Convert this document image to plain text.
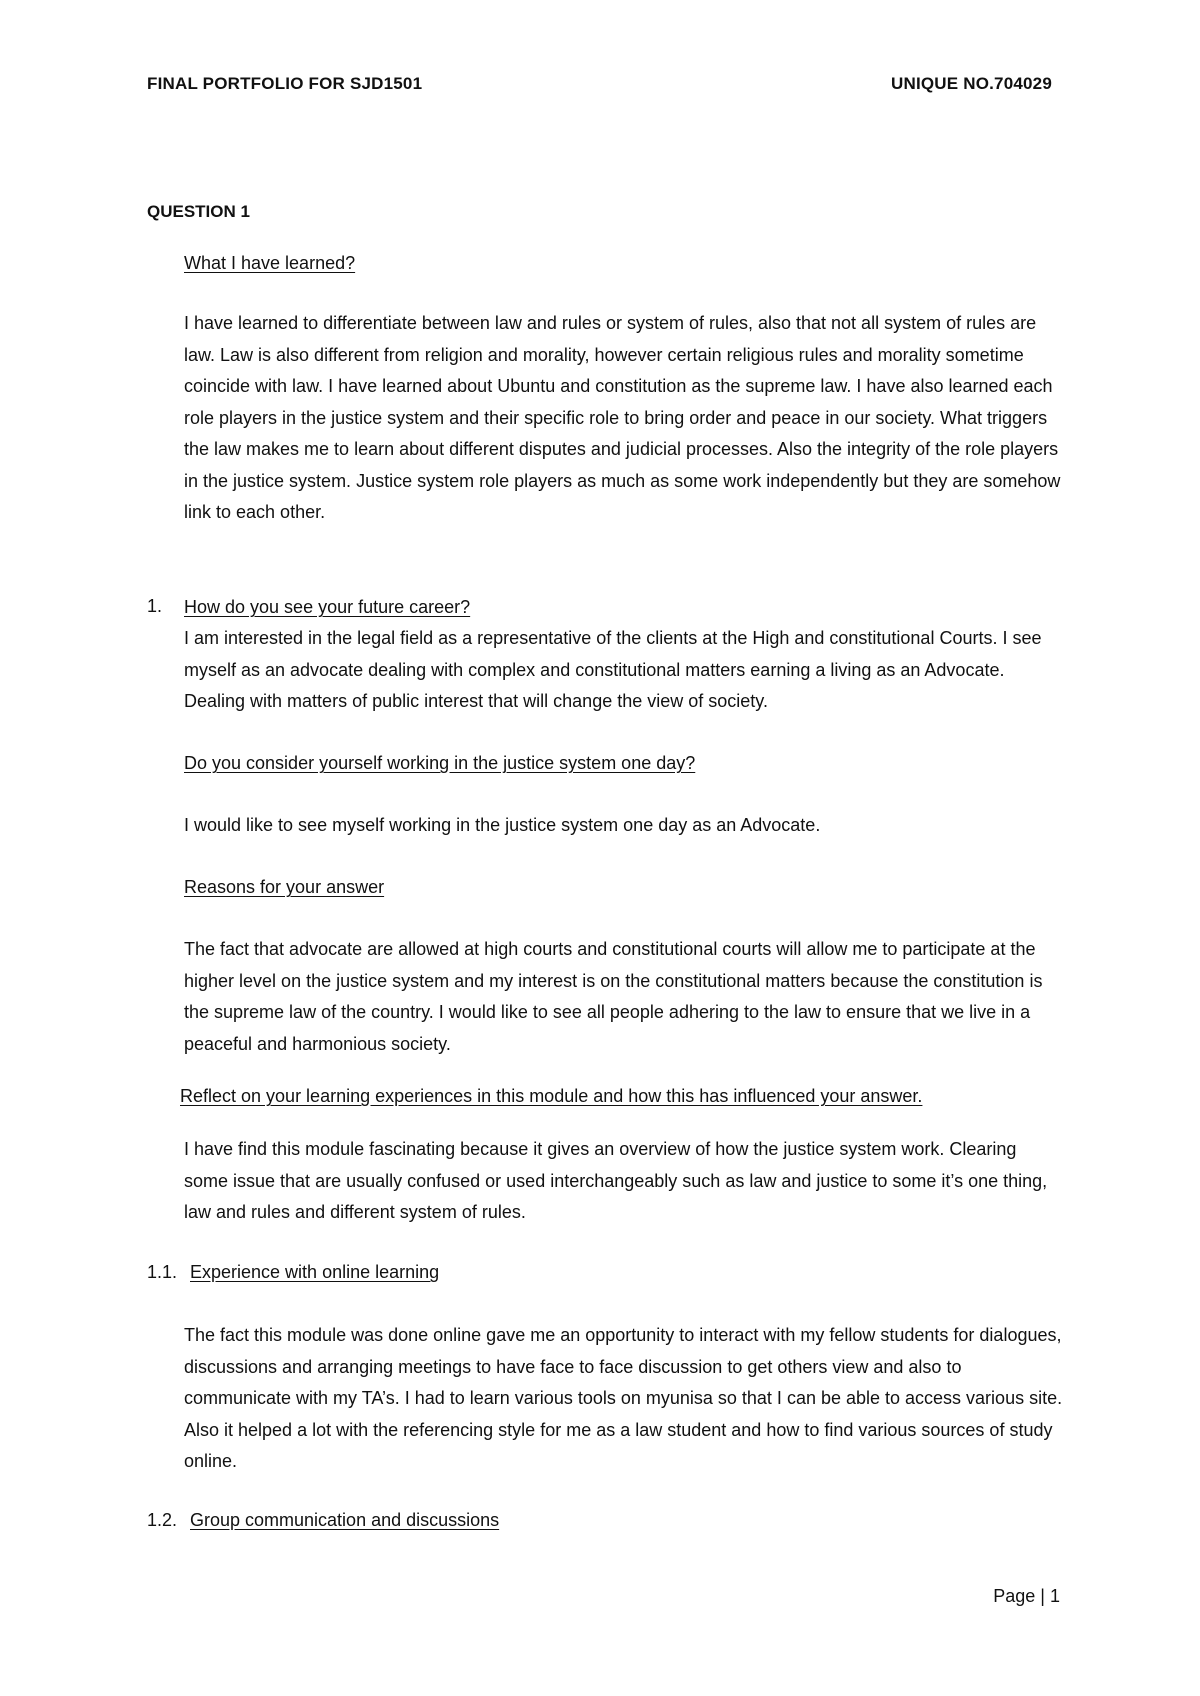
FINAL PORTFOLIO FOR SJD1501	UNIQUE NO.704029
QUESTION 1
What I have learned?

I have learned to differentiate between law and rules or system of rules, also that not all system of rules are law. Law is also different from religion and morality, however certain religious rules and morality sometime coincide with law. I have learned about Ubuntu and constitution as the supreme law. I have also learned each role players in the justice system and their specific role to bring order and peace in our society. What triggers the law makes me to learn about different disputes and judicial processes. Also the integrity of the role players in the justice system. Justice system role players as much as some work independently but they are somehow link to each other.

1. How do you see your future career?

I am interested in the legal field as a representative of the clients at the High and constitutional Courts. I see myself as an advocate dealing with complex and constitutional matters earning a living as an Advocate. Dealing with matters of public interest that will change the view of society.

Do you consider yourself working in the justice system one day?

I would like to see myself working in the justice system one day as an Advocate.

Reasons for your answer

The fact that advocate are allowed at high courts and constitutional courts will allow me to participate at the higher level on the justice system and my interest is on the constitutional matters because the constitution is the supreme law of the country. I would like to see all people adhering to the law to ensure that we live in a peaceful and harmonious society.

Reflect on your learning experiences in this module and how this has influenced your answer.

I have find this module fascinating because it gives an overview of how the justice system work. Clearing some issue that are usually confused or used interchangeably such as law and justice to some it’s one thing, law and rules and different system of rules.

1.1. Experience with online learning

The fact this module was done online gave me an opportunity to interact with my fellow students for dialogues, discussions and arranging meetings to have face to face discussion to get others view and also to communicate with my TA’s. I had to learn various tools on myunisa so that I can be able to access various site. Also it helped a lot with the referencing style for me as a law student and how to find various sources of study online.

1.2. Group communication and discussions
Page | 1
